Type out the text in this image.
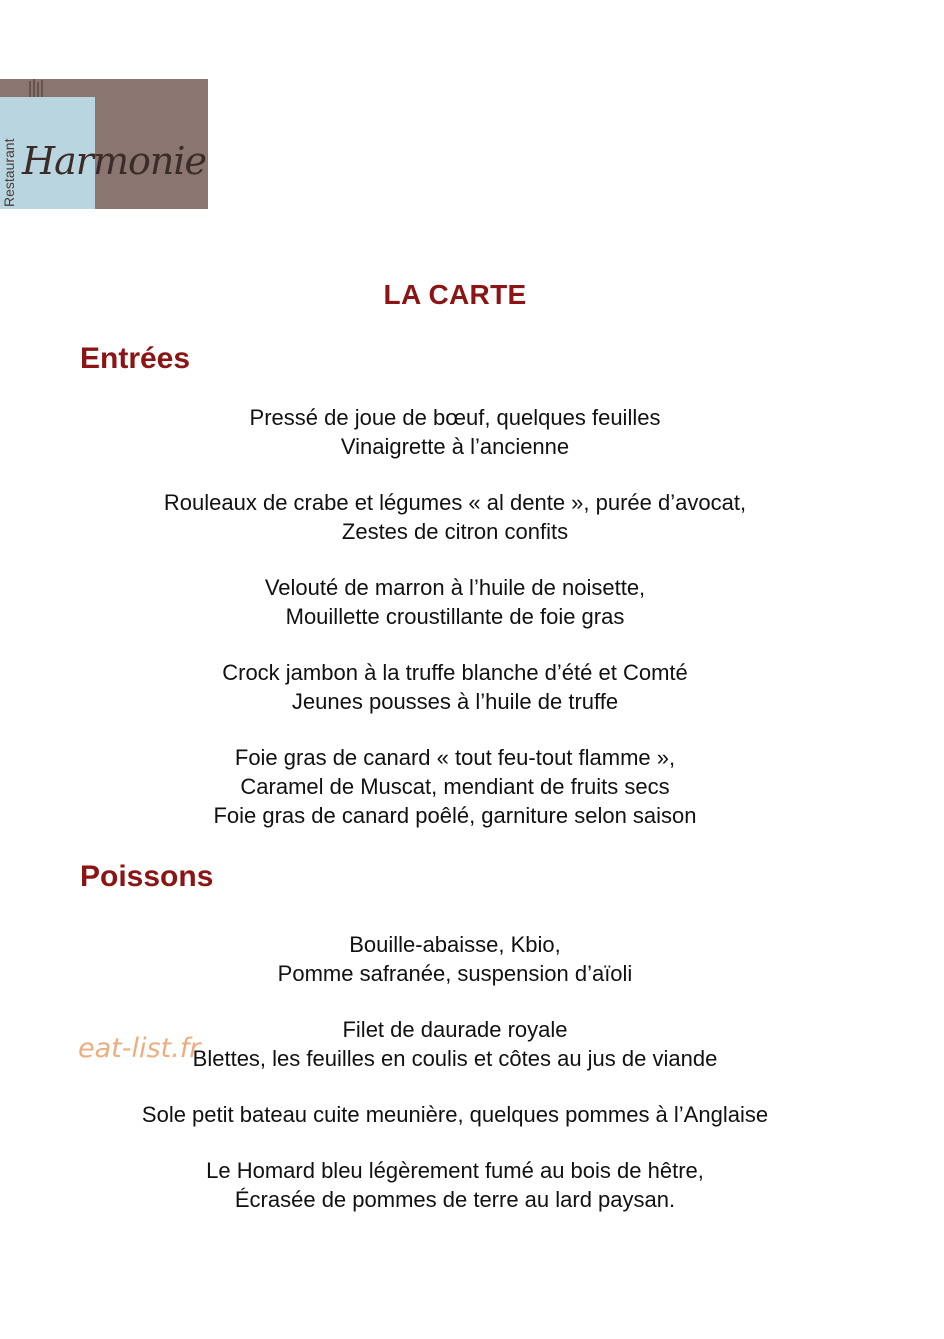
Restaurant Harmonie
LA CARTE
Entrées
Pressé de joue de bœuf, quelques feuilles
Vinaigrette à l’ancienne
Rouleaux de crabe et légumes « al dente », purée d’avocat,
Zestes de citron confits
Velouté de marron à l’huile de noisette,
Mouillette croustillante de foie gras
Crock jambon à la truffe blanche d’été et Comté
Jeunes pousses à l’huile de truffe
Foie gras de canard « tout feu-tout flamme »,
Caramel de Muscat, mendiant de fruits secs
Foie gras de canard poêlé, garniture selon saison
Poissons
Bouille-abaisse, Kbio,
Pomme safranée, suspension d’aïoli
Filet de daurade royale
Blettes, les feuilles en coulis et côtes au jus de viande
Sole petit bateau cuite meunière, quelques pommes à l’Anglaise
Le Homard bleu légèrement fumé au bois de hêtre,
Écrasée de pommes de terre au lard paysan.
eat-list.fr
